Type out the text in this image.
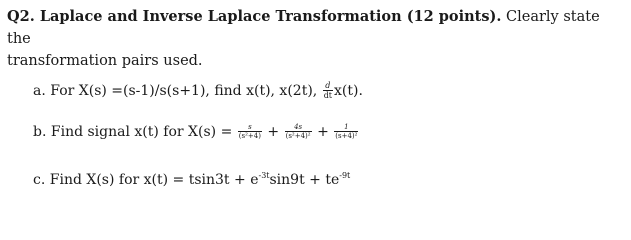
Q2. Laplace and Inverse Laplace Transformation (12 points). Clearly state the
transformation pairs used.
a. For X(s) =(s-1)/s(s+1), find x(t), x(2t), $\frac{d}{dt} x(t)$.
b. Find signal x(t) for $X(s) = \frac{s}{\text{(s²+4)}} + \frac{4s}{\text{(s²+4)²}} + \frac{1}{\text{(s+4)²}}$
c. Find X(s) for $x(t) = tsin3t + e^{-3t}\sin 9t + te^{-9t}$
